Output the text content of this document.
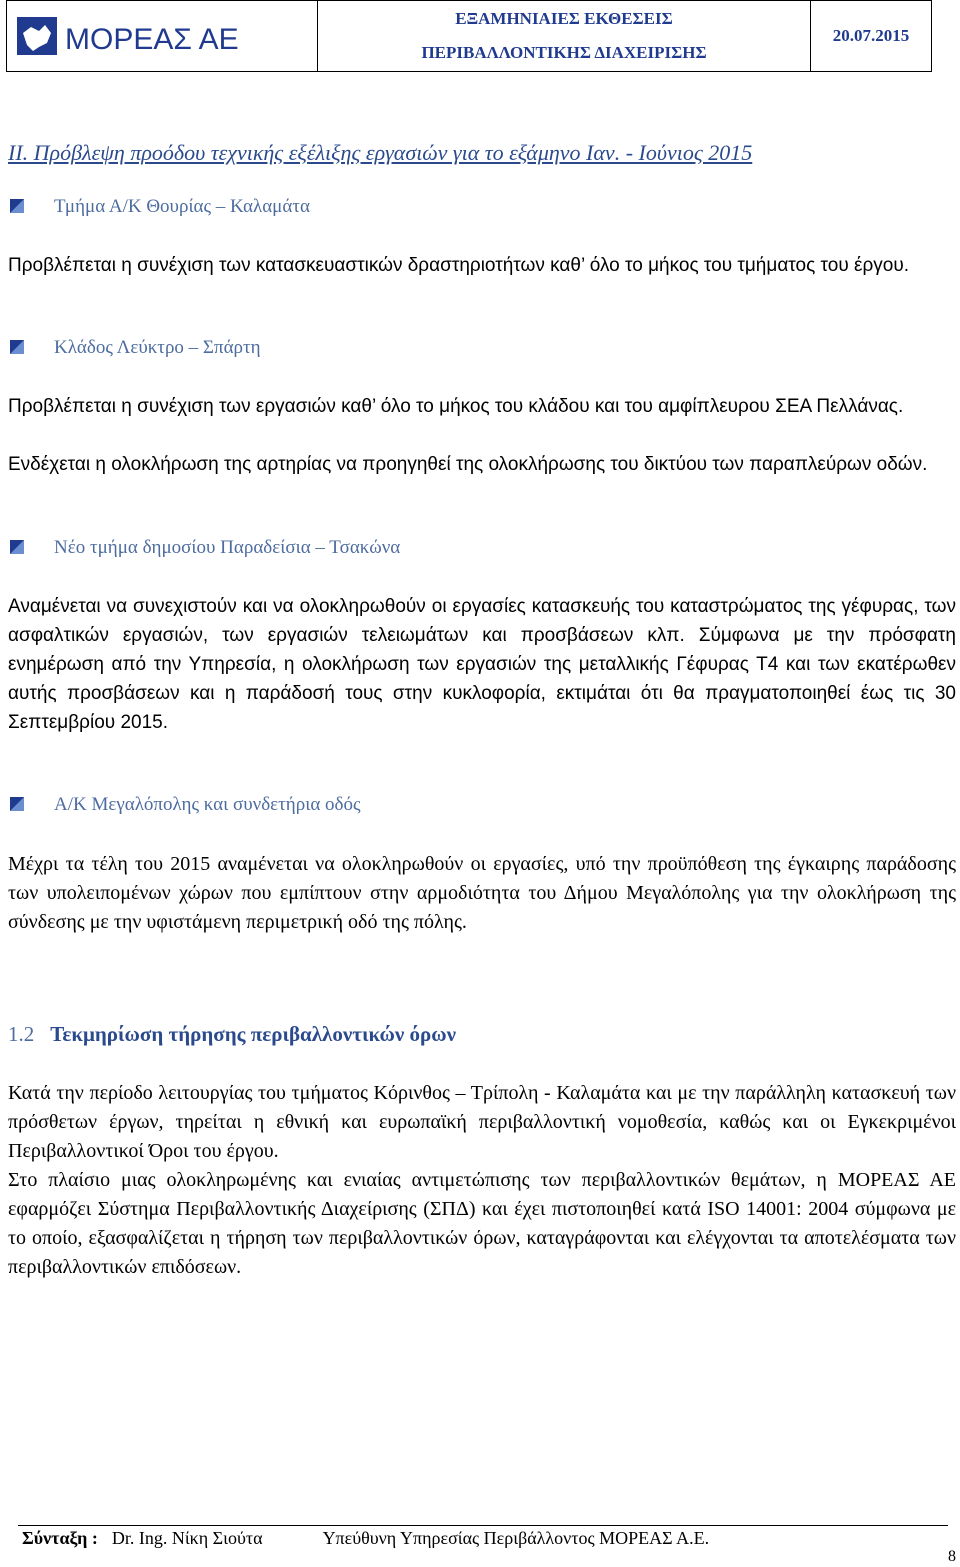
ΜΟΡΕΑΣ ΑΕ
ΕΞΑΜΗΝΙΑΙΕΣ ΕΚΘΕΣΕΙΣ
ΠΕΡΙΒΑΛΛΟΝΤΙΚΗΣ ΔΙΑΧΕΙΡΙΣΗΣ
20.07.2015
ΙΙ. Πρόβλεψη προόδου τεχνικής εξέλιξης εργασιών για το εξάμηνο Ιαν. - Ιούνιος 2015
Τμήμα Α/Κ Θουρίας – Καλαμάτα
Προβλέπεται η συνέχιση των κατασκευαστικών δραστηριοτήτων καθ’ όλο το μήκος του τμήματος του έργου.
Κλάδος Λεύκτρο – Σπάρτη
Προβλέπεται η συνέχιση των εργασιών καθ’ όλο το μήκος του κλάδου και του αμφίπλευρου ΣΕΑ Πελλάνας.
Ενδέχεται η ολοκλήρωση της αρτηρίας να προηγηθεί της ολοκλήρωσης του δικτύου των παραπλεύρων οδών.
Νέο τμήμα δημοσίου Παραδείσια – Τσακώνα
Αναμένεται να συνεχιστούν και να ολοκληρωθούν οι εργασίες κατασκευής του καταστρώματος της γέφυρας, των ασφαλτικών εργασιών, των εργασιών τελειωμάτων και προσβάσεων κλπ. Σύμφωνα με την πρόσφατη ενημέρωση από την Υπηρεσία, η ολοκλήρωση των εργασιών της μεταλλικής Γέφυρας Τ4 και των εκατέρωθεν αυτής προσβάσεων και η παράδοσή τους στην κυκλοφορία, εκτιμάται ότι θα πραγματοποιηθεί έως τις 30 Σεπτεμβρίου 2015.
Α/Κ Μεγαλόπολης και συνδετήρια οδός
Μέχρι τα τέλη του 2015 αναμένεται να ολοκληρωθούν οι εργασίες, υπό την προϋπόθεση της έγκαιρης παράδοσης των υπολειπομένων χώρων που εμπίπτουν στην αρμοδιότητα του Δήμου Μεγαλόπολης για την ολοκλήρωση της σύνδεσης με την υφιστάμενη περιμετρική οδό της πόλης.
1.2 Τεκμηρίωση τήρησης περιβαλλοντικών όρων
Κατά την περίοδο λειτουργίας του τμήματος Κόρινθος – Τρίπολη - Καλαμάτα και με την παράλληλη κατασκευή των πρόσθετων έργων, τηρείται η εθνική και ευρωπαϊκή περιβαλλοντική νομοθεσία, καθώς και οι Εγκεκριμένοι Περιβαλλοντικοί Όροι του έργου.
Στο πλαίσιο μιας ολοκληρωμένης και ενιαίας αντιμετώπισης των περιβαλλοντικών θεμάτων, η ΜΟΡΕΑΣ ΑΕ εφαρμόζει Σύστημα Περιβαλλοντικής Διαχείρισης (ΣΠΔ) και έχει πιστοποιηθεί κατά ISO 14001: 2004 σύμφωνα με το οποίο, εξασφαλίζεται η τήρηση των περιβαλλοντικών όρων, καταγράφονται και ελέγχονται τα αποτελέσματα των περιβαλλοντικών επιδόσεων.
Σύνταξη : Dr. Ing. Νίκη Σιούτα	Υπεύθυνη Υπηρεσίας Περιβάλλοντος ΜΟΡΕΑΣ Α.Ε.
8
